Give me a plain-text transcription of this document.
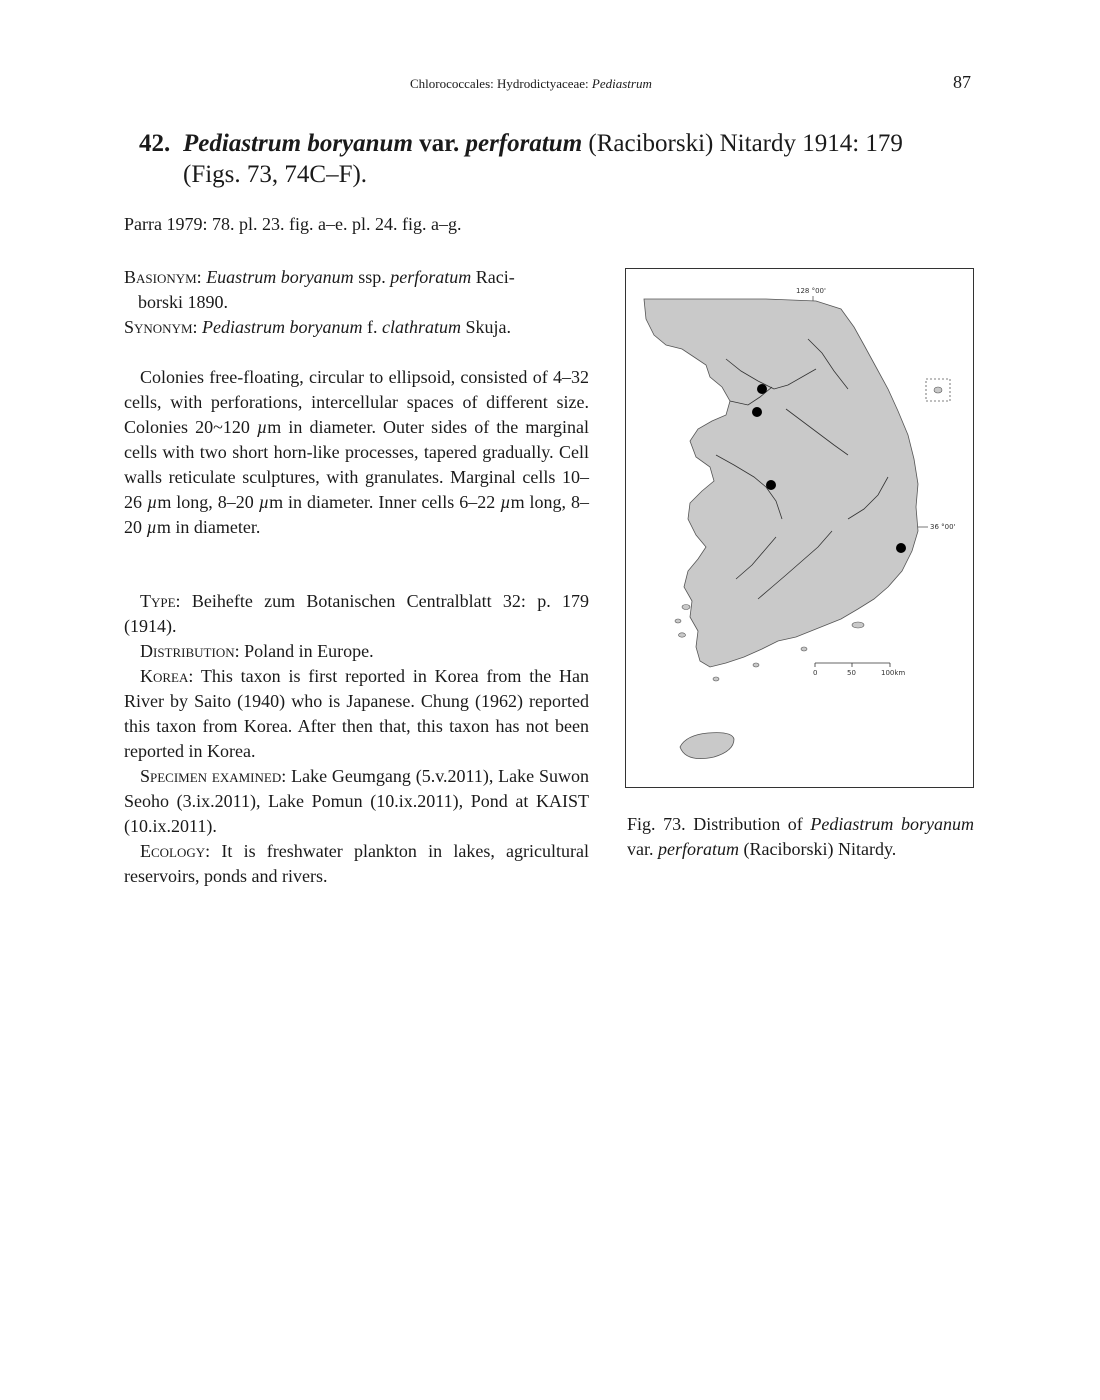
Chlorococcales: Hydrodictyaceae: Pediastrum	87
42. Pediastrum boryanum var. perforatum (Raciborski) Nitardy 1914: 179
(Figs. 73, 74C–F).
Parra 1979: 78. pl. 23. fig. a–e. pl. 24. fig. a–g.

Basionym: Euastrum boryanum ssp. perforatum Raci-
borski 1890.

Synonym: Pediastrum boryanum f. clathratum Skuja.

Colonies free-floating, circular to ellipsoid, consisted of 4–32 cells, with perforations, intercellular spaces of different size. Colonies 20~120 µm in diameter. Outer sides of the marginal cells with two short horn-like processes, tapered gradually. Cell walls reticulate sculptures, with granulates. Marginal cells 10–26 µm long, 8–20 µm in diameter. Inner cells 6–22 µm long, 8–20 µm in diameter.

Type: Beihefte zum Botanischen Centralblatt 32: p. 179 (1914).

Distribution: Poland in Europe.

Korea: This taxon is first reported in Korea from the Han River by Saito (1940) who is Japanese. Chung (1962) reported this taxon from Korea. After then that, this taxon has not been reported in Korea.

Specimen examined: Lake Geumgang (5.v.2011), Lake Suwon Seoho (3.ix.2011), Lake Pomun (10.ix.2011), Pond at KAIST (10.ix.2011).

Ecology: It is freshwater plankton in lakes, agricultural reservoirs, ponds and rivers.

128 °00'
36 °00'
0	50	100km
Fig. 73. Distribution of Pediastrum boryanum var. perforatum (Raciborski) Nitardy.
